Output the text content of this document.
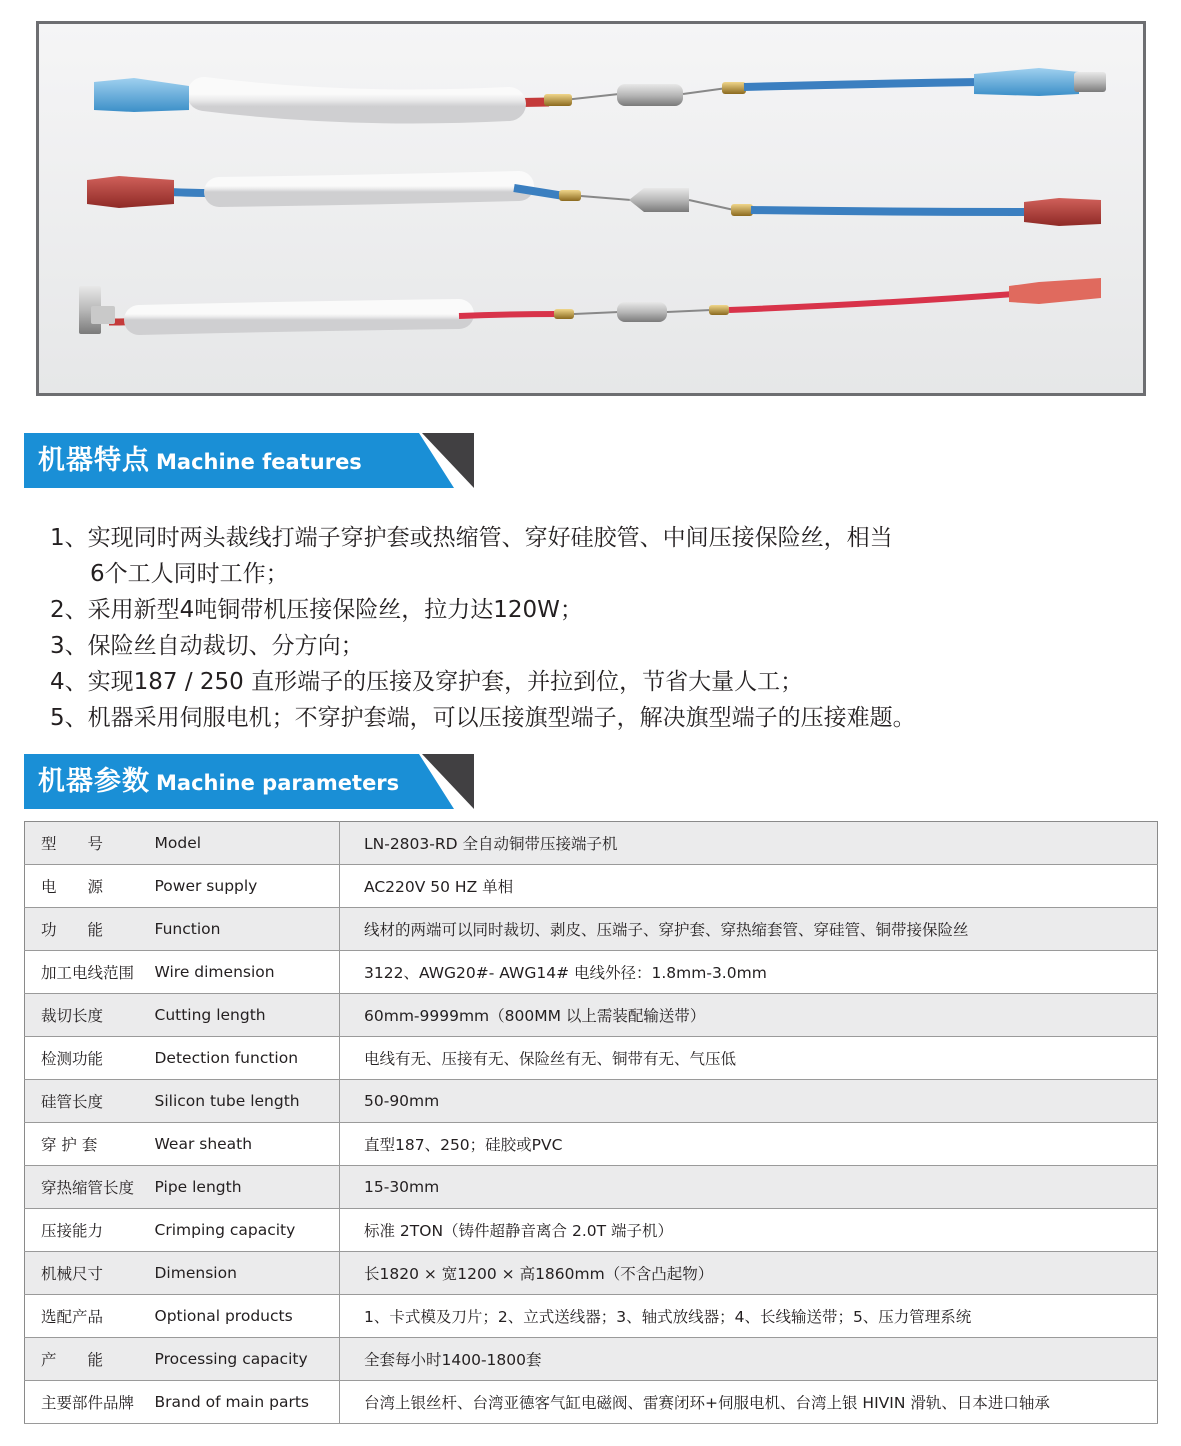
机器特点 Machine features
1、实现同时两头裁线打端子穿护套或热缩管、穿好硅胶管、中间压接保险丝，相当
6个工人同时工作；
2、采用新型4吨铜带机压接保险丝，拉力达120W；
3、保险丝自动裁切、分方向；
4、实现187 / 250 直形端子的压接及穿护套，并拉到位，节省大量人工；
5、机器采用伺服电机；不穿护套端，可以压接旗型端子，解决旗型端子的压接难题。
机器参数 Machine parameters
型　　号	Model	LN-2803-RD 全自动铜带压接端子机
电　　源	Power supply	AC220V 50 HZ 单相
功　　能	Function	线材的两端可以同时裁切、剥皮、压端子、穿护套、穿热缩套管、穿硅管、铜带接保险丝
加工电线范围	Wire dimension	3122、AWG20#- AWG14# 电线外径：1.8mm-3.0mm
裁切长度	Cutting length	60mm-9999mm（800MM 以上需装配输送带）
检测功能	Detection function	电线有无、压接有无、保险丝有无、铜带有无、气压低
硅管长度	Silicon tube length	50-90mm
穿 护 套	Wear sheath	直型187、250；硅胶或PVC
穿热缩管长度	Pipe length	15-30mm
压接能力	Crimping capacity	标准 2TON（铸件超静音离合 2.0T 端子机）
机械尺寸	Dimension	长1820 × 宽1200 × 高1860mm（不含凸起物）
选配产品	Optional products	1、卡式模及刀片；2、立式送线器；3、轴式放线器；4、长线输送带；5、压力管理系统
产　　能	Processing capacity	全套每小时1400-1800套
主要部件品牌	Brand of main parts	台湾上银丝杆、台湾亚德客气缸电磁阀、雷赛闭环+伺服电机、台湾上银 HIVIN 滑轨、日本进口轴承
